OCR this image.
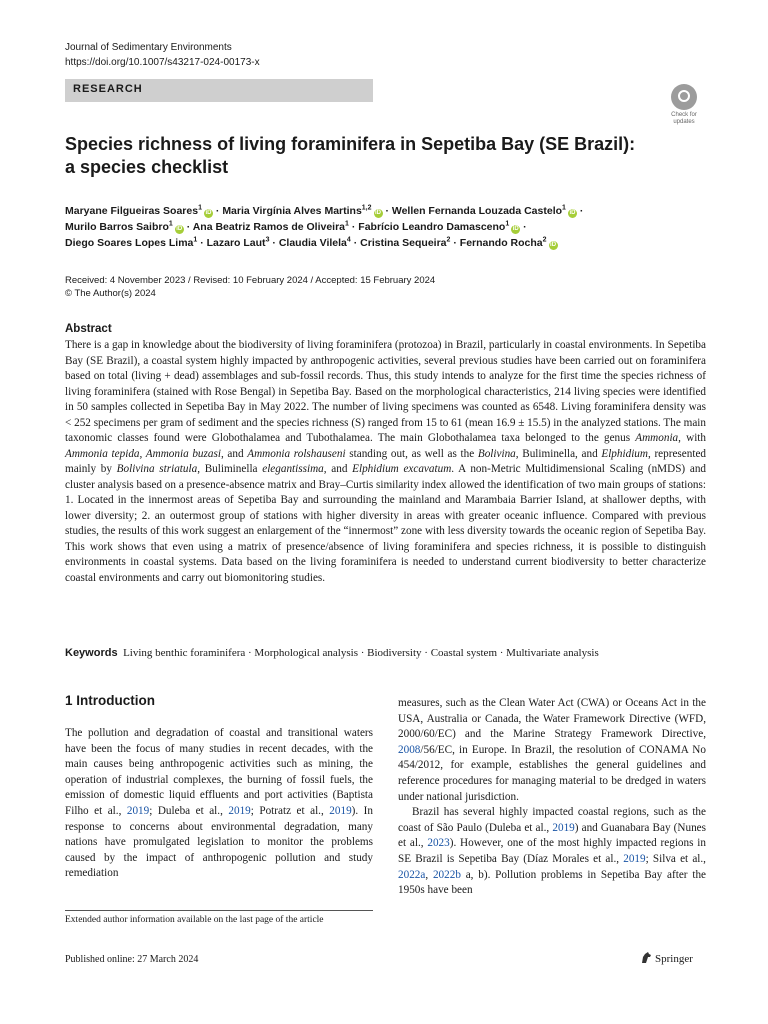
Journal of Sedimentary Environments
https://doi.org/10.1007/s43217-024-00173-x
RESEARCH
Check for
updates
Species richness of living foraminifera in Sepetiba Bay (SE Brazil):
a species checklist
Maryane Filgueiras Soares$^1$iD · Maria Virgínia Alves Martins$^{1,2}$iD · Wellen Fernanda Louzada Castelo$^1$iD ·
Murilo Barros Saibro$^1$iD · Ana Beatriz Ramos de Oliveira$^1$ · Fabrício Leandro Damasceno$^1$iD ·
Diego Soares Lopes Lima$^1$ · Lazaro Laut$^3$ · Claudia Vilela$^4$ · Cristina Sequeira$^2$ · Fernando Rocha$^2$iD
Received: 4 November 2023 / Revised: 10 February 2024 / Accepted: 15 February 2024
© The Author(s) 2024
Abstract
There is a gap in knowledge about the biodiversity of living foraminifera (protozoa) in Brazil, particularly in coastal environments. In Sepetiba Bay (SE Brazil), a coastal system highly impacted by anthropogenic activities, several previous studies have been carried out on foraminifera based on total (living + dead) assemblages and sub-fossil records. Thus, this study intends to analyze for the first time the species richness of living foraminifera (stained with Rose Bengal) in Sepetiba Bay. Based on the morphological characteristics, 214 living species were identified in 50 samples collected in Sepetiba Bay in May 2022. The number of living specimens was counted as 6548. Living foraminifera density was < 252 specimens per gram of sediment and the species richness (S) ranged from 15 to 61 (mean 16.9 ± 15.5) in the analyzed stations. The main taxonomic classes found were Globothalamea and Tubothalamea. The main Globothalamea taxa belonged to the genus Ammonia, with Ammonia tepida, Ammonia buzasi, and Ammonia rolshauseni standing out, as well as the Bolivina, Buliminella, and Elphidium, represented mainly by Bolivina striatula, Buliminella elegantissima, and Elphidium excavatum. A non-Metric Multidimensional Scaling (nMDS) and cluster analysis based on a presence-absence matrix and Bray–Curtis similarity index allowed the identification of two main groups of stations: 1. Located in the innermost areas of Sepetiba Bay and surrounding the mainland and Marambaia Barrier Island, at shallower depths, with lower diversity; 2. an outermost group of stations with higher diversity in areas with greater oceanic influence. Compared with previous studies, the results of this work suggest an enlargement of the “innermost” zone with less diversity towards the oceanic region of Sepetiba Bay. This work shows that even using a matrix of presence/absence of living foraminifera and species richness, it is possible to distinguish environments in coastal systems. Data based on the living foraminifera is needed to understand current biodiversity to better characterize coastal environments and carry out biomonitoring studies.
Keywords Living benthic foraminifera · Morphological analysis · Biodiversity · Coastal system · Multivariate analysis
1 Introduction

The pollution and degradation of coastal and transitional waters have been the focus of many studies in recent decades, with the main causes being anthropogenic activities such as mining, the operation of industrial complexes, the burning of fossil fuels, the emission of domestic liquid effluents and port activities (Baptista Filho et al., 2019; Duleba et al., 2019; Potratz et al., 2019). In response to concerns about environmental degradation, many nations have promulgated legislation to monitor the problems caused by the impact of anthropogenic pollution and study remediation

measures, such as the Clean Water Act (CWA) or Oceans Act in the USA, Australia or Canada, the Water Framework Directive (WFD, 2000/60/EC) and the Marine Strategy Framework Directive, 2008/56/EC, in Europe. In Brazil, the resolution of CONAMA No 454/2012, for example, establishes the general guidelines and reference procedures for managing material to be dredged in waters under national jurisdiction.

Brazil has several highly impacted coastal regions, such as the coast of São Paulo (Duleba et al., 2019) and Guanabara Bay (Nunes et al., 2023). However, one of the most highly impacted regions in SE Brazil is Sepetiba Bay (Díaz Morales et al., 2019; Silva et al., 2022a, 2022b a, b). Pollution problems in Sepetiba Bay after the 1950s have been

Extended author information available on the last page of the article
Published online: 27 March 2024	Springer
